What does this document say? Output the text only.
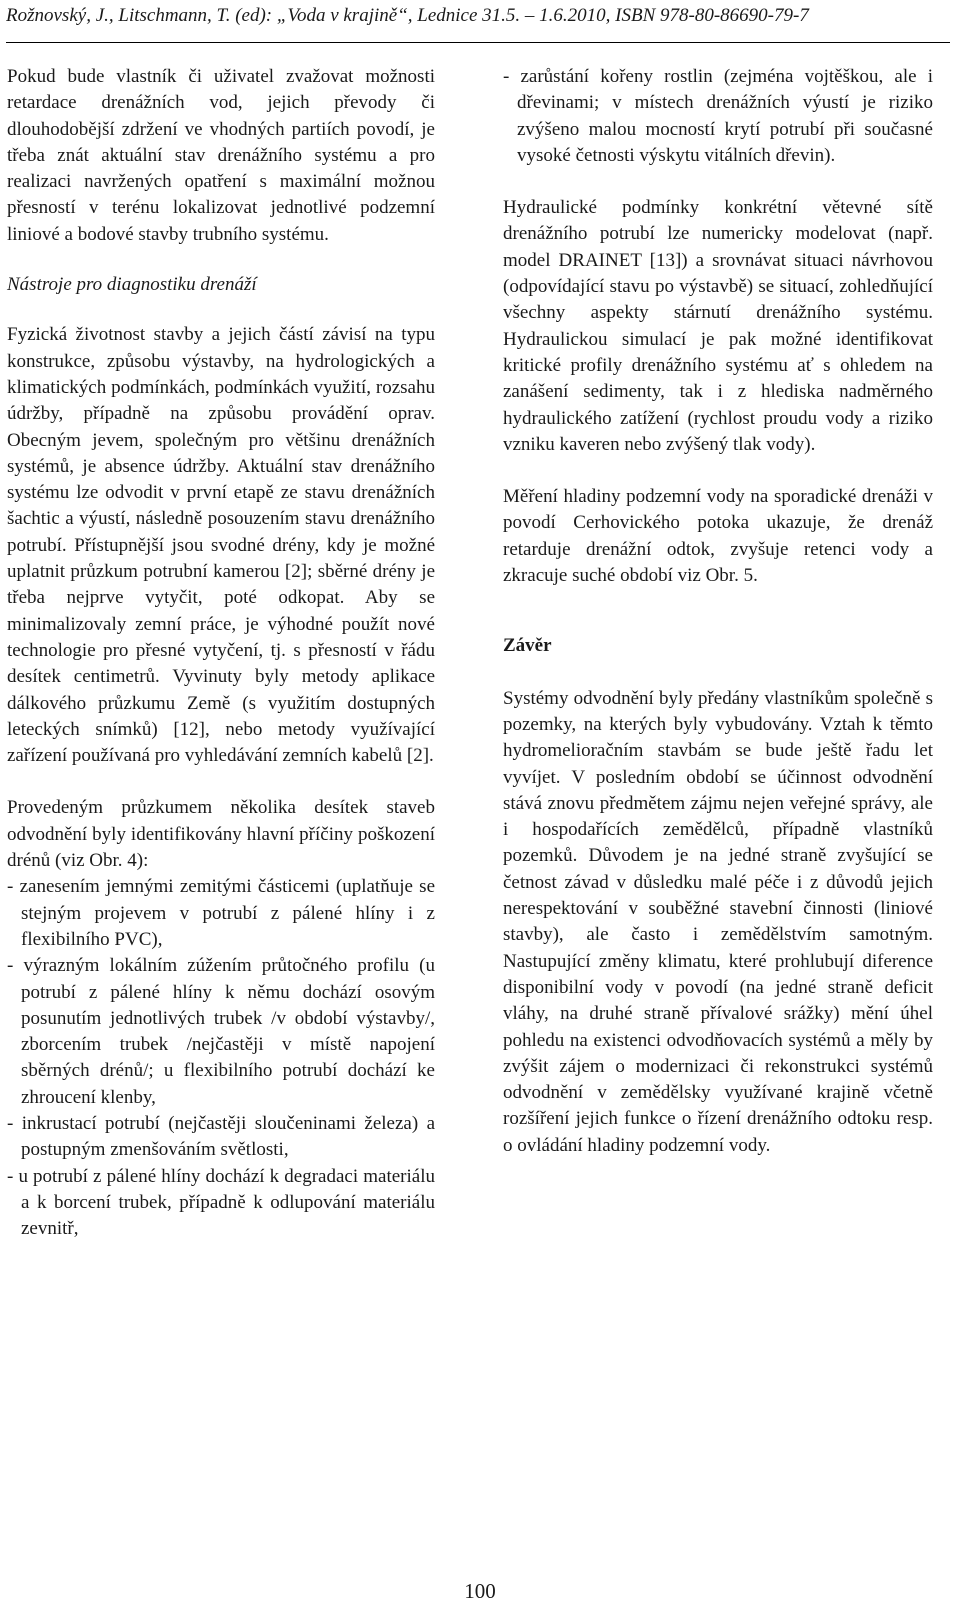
Rožnovský, J., Litschmann, T. (ed): „Voda v krajině“, Lednice 31.5. – 1.6.2010, ISBN 978-80-86690-79-7

Pokud bude vlastník či uživatel zvažovat možnosti retardace drenážních vod, jejich převody či dlouhodobější zdržení ve vhodných partiích povodí, je třeba znát aktuální stav drenážního systému a pro realizaci navržených opatření s maximální možnou přesností v terénu lokalizovat jednotlivé podzemní liniové a bodové stavby trubního systému.

Nástroje pro diagnostiku drenáží

Fyzická životnost stavby a jejich částí závisí na typu konstrukce, způsobu výstavby, na hydrologických a klimatických podmínkách, podmínkách využití, rozsahu údržby, případně na způsobu provádění oprav. Obecným jevem, společným pro většinu drenážních systémů, je absence údržby. Aktuální stav drenážního systému lze odvodit v první etapě ze stavu drenážních šachtic a výustí, následně posouzením stavu drenážního potrubí. Přístupnější jsou svodné drény, kdy je možné uplatnit průzkum potrubní kamerou [2]; sběrné drény je třeba nejprve vytyčit, poté odkopat. Aby se minimalizovaly zemní práce, je výhodné použít nové technologie pro přesné vytyčení, tj. s přesností v řádu desítek centimetrů. Vyvinuty byly metody aplikace dálkového průzkumu Země (s využitím dostupných leteckých snímků) [12], nebo metody využívající zařízení používaná pro vyhledávání zemních kabelů [2].

Provedeným průzkumem několika desítek staveb odvodnění byly identifikovány hlavní příčiny poškození drénů (viz Obr. 4):

- zanesením jemnými zemitými částicemi (uplatňuje se stejným projevem v potrubí z pálené hlíny i z flexibilního PVC),
- výrazným lokálním zúžením průtočného profilu (u potrubí z pálené hlíny k němu dochází osovým posunutím jednotlivých trubek /v období výstavby/, zborcením trubek /nejčastěji v místě napojení sběrných drénů/; u flexibilního potrubí dochází ke zhroucení klenby,
- inkrustací potrubí (nejčastěji sloučeninami železa) a postupným zmenšováním světlosti,
- u potrubí z pálené hlíny dochází k degradaci materiálu a k borcení trubek, případně k odlupování materiálu zevnitř,
- zarůstání kořeny rostlin (zejména vojtěškou, ale i dřevinami; v místech drenážních výustí je riziko zvýšeno malou mocností krytí potrubí při současné vysoké četnosti výskytu vitálních dřevin).

Hydraulické podmínky konkrétní větevné sítě drenážního potrubí lze numericky modelovat (např. model DRAINET [13]) a srovnávat situaci návrhovou (odpovídající stavu po výstavbě) se situací, zohledňující všechny aspekty stárnutí drenážního systému. Hydraulickou simulací je pak možné identifikovat kritické profily drenážního systému ať s ohledem na zanášení sedimenty, tak i z hlediska nadměrného hydraulického zatížení (rychlost proudu vody a riziko vzniku kaveren nebo zvýšený tlak vody).

Měření hladiny podzemní vody na sporadické drenáži v povodí Cerhovického potoka ukazuje, že drenáž retarduje drenážní odtok, zvyšuje retenci vody a zkracuje suché období viz Obr. 5.

Závěr

Systémy odvodnění byly předány vlastníkům společně s pozemky, na kterých byly vybudovány. Vztah k těmto hydromelioračním stavbám se bude ještě řadu let vyvíjet. V posledním období se účinnost odvodnění stává znovu předmětem zájmu nejen veřejné správy, ale i hospodařících zemědělců, případně vlastníků pozemků. Důvodem je na jedné straně zvyšující se četnost závad v důsledku malé péče i z důvodů jejich nerespektování v souběžné stavební činnosti (liniové stavby), ale často i zemědělstvím samotným. Nastupující změny klimatu, které prohlubují diference disponibilní vody v povodí (na jedné straně deficit vláhy, na druhé straně přívalové srážky) mění úhel pohledu na existenci odvodňovacích systémů a měly by zvýšit zájem o modernizaci či rekonstrukci systémů odvodnění v zemědělsky využívané krajině včetně rozšíření jejich funkce o řízení drenážního odtoku resp. o ovládání hladiny podzemní vody.

100
